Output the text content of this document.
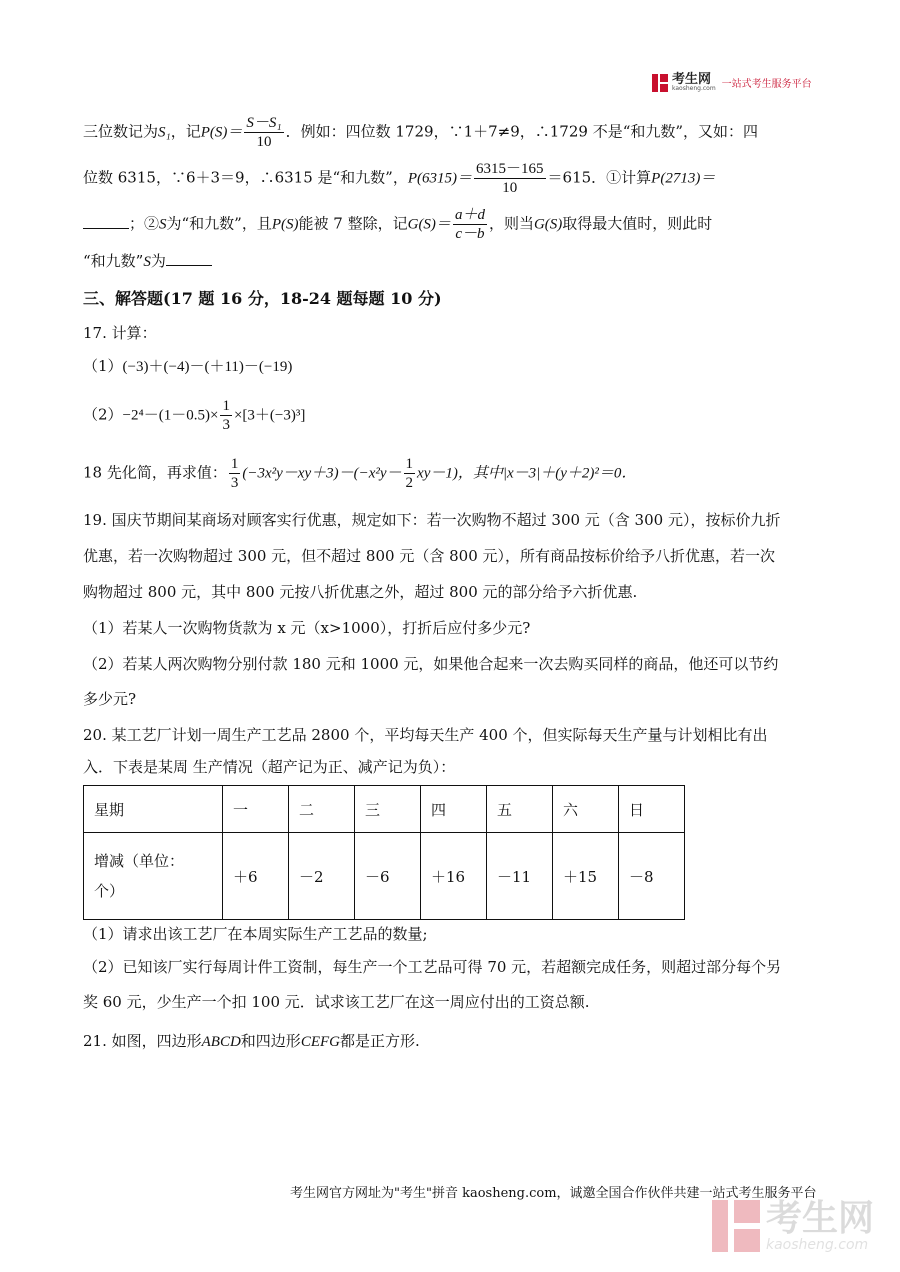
考生网
kaosheng.com 一站式考生服务平台
三位数记为S₁，记$P(S)= \frac{\text{S－S₁}}{10}$ ．例如：四位数 1729，∵1＋7≠9，∴1729 不是“和九数”，又如：四
位数 6315，∵6＋3＝9，∴6315 是“和九数”，$P(6315)= \frac{6315-165}{10} =615$．①计算P(2713)＝
；②S为“和九数”，且P(S)能被 7 整除，记$G(S)= \frac{a+d}{c-b}$ ，则当G(S)取得最大值时，则此时
“和九数”S为
三、解答题(17 题 16 分，18-24 题每题 10 分)
17. 计算：
（1）(−3)＋(−4)－(＋11)－(−19)
$(2)-2^4-(1-0.5)\times \frac{1}{3} \times[3+(-3)^3]$
18 先化简，再求值： $\frac{1}{3} (-3x^2y-xy+3)-(-x^2y- \frac{1}{2} xy-1)$，其中|x－3|＋(y＋2)²＝0．
19. 国庆节期间某商场对顾客实行优惠，规定如下：若一次购物不超过 300 元（含 300 元），按标价九折
优惠，若一次购物超过 300 元，但不超过 800 元（含 800 元），所有商品按标价给予八折优惠，若一次
购物超过 800 元，其中 800 元按八折优惠之外，超过 800 元的部分给予六折优惠.
（1）若某人一次购物货款为 x 元（x>1000），打折后应付多少元?
（2）若某人两次购物分别付款 180 元和 1000 元，如果他合起来一次去购买同样的商品，他还可以节约
多少元?
20. 某工艺厂计划一周生产工艺品 2800 个，平均每天生产 400 个，但实际每天生产量与计划相比有出
入．下表是某周 生产情况（超产记为正、减产记为负）：
星期	一	二	三	四	五	六	日

增减（单位：
个）	＋6	－2	－6	＋16	－11	＋15	－8
（1）请求出该工艺厂在本周实际生产工艺品的数量;
（2）已知该厂实行每周计件工资制，每生产一个工艺品可得 70 元，若超额完成任务，则超过部分每个另
奖 60 元，少生产一个扣 100 元．试求该工艺厂在这一周应付出的工资总额.
21. 如图，四边形ABCD和四边形CEFG都是正方形.
考生网官方网址为"考生"拼音 kaosheng.com，诚邀全国合作伙伴共建一站式考生服务平台
考生网
kaosheng.com
